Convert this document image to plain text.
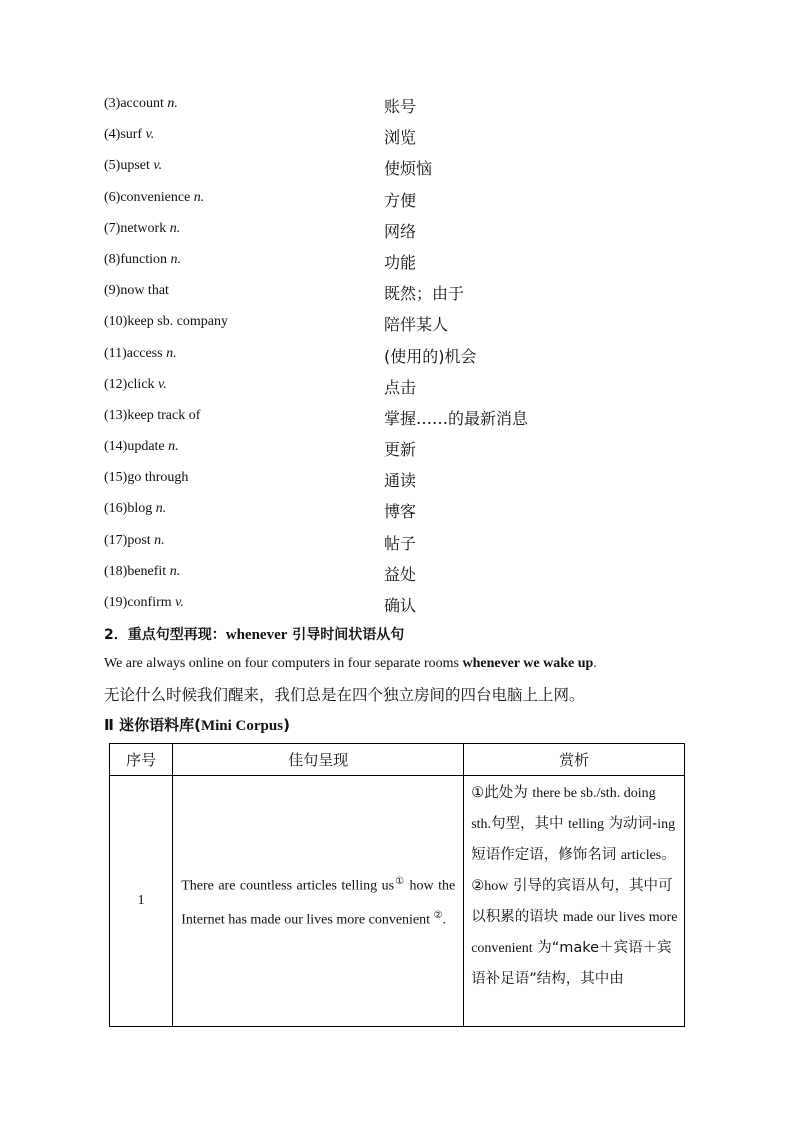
(3)account n.	账号
(4)surf v.	浏览
(5)upset v.	使烦恼
(6)convenience n.	方便
(7)network n.	网络
(8)function n.	功能
(9)now that	既然；由于
(10)keep sb. company	陪伴某人
(11)access n.	(使用的)机会
(12)click v.	点击
(13)keep track of	掌握……的最新消息
(14)update n.	更新
(15)go through	通读
(16)blog n.	博客
(17)post n.	帖子
(18)benefit n.	益处
(19)confirm v.	确认
2．重点句型再现：whenever 引导时间状语从句
We are always online on four computers in four separate rooms whenever we wake up.
无论什么时候我们醒来，我们总是在四个独立房间的四台电脑上上网。
Ⅱ 迷你语料库(Mini Corpus)
序号	佳句呈现	赏析
1	There are countless articles telling us① how the Internet has made our lives more convenient ②.	①此处为 there be sb./sth. doing sth.句型，其中 telling 为动词-ing 短语作定语，修饰名词 articles。②how 引导的宾语从句，其中可以积累的语块 made our lives more convenient 为“make＋宾语＋宾语补足语”结构，其中由
